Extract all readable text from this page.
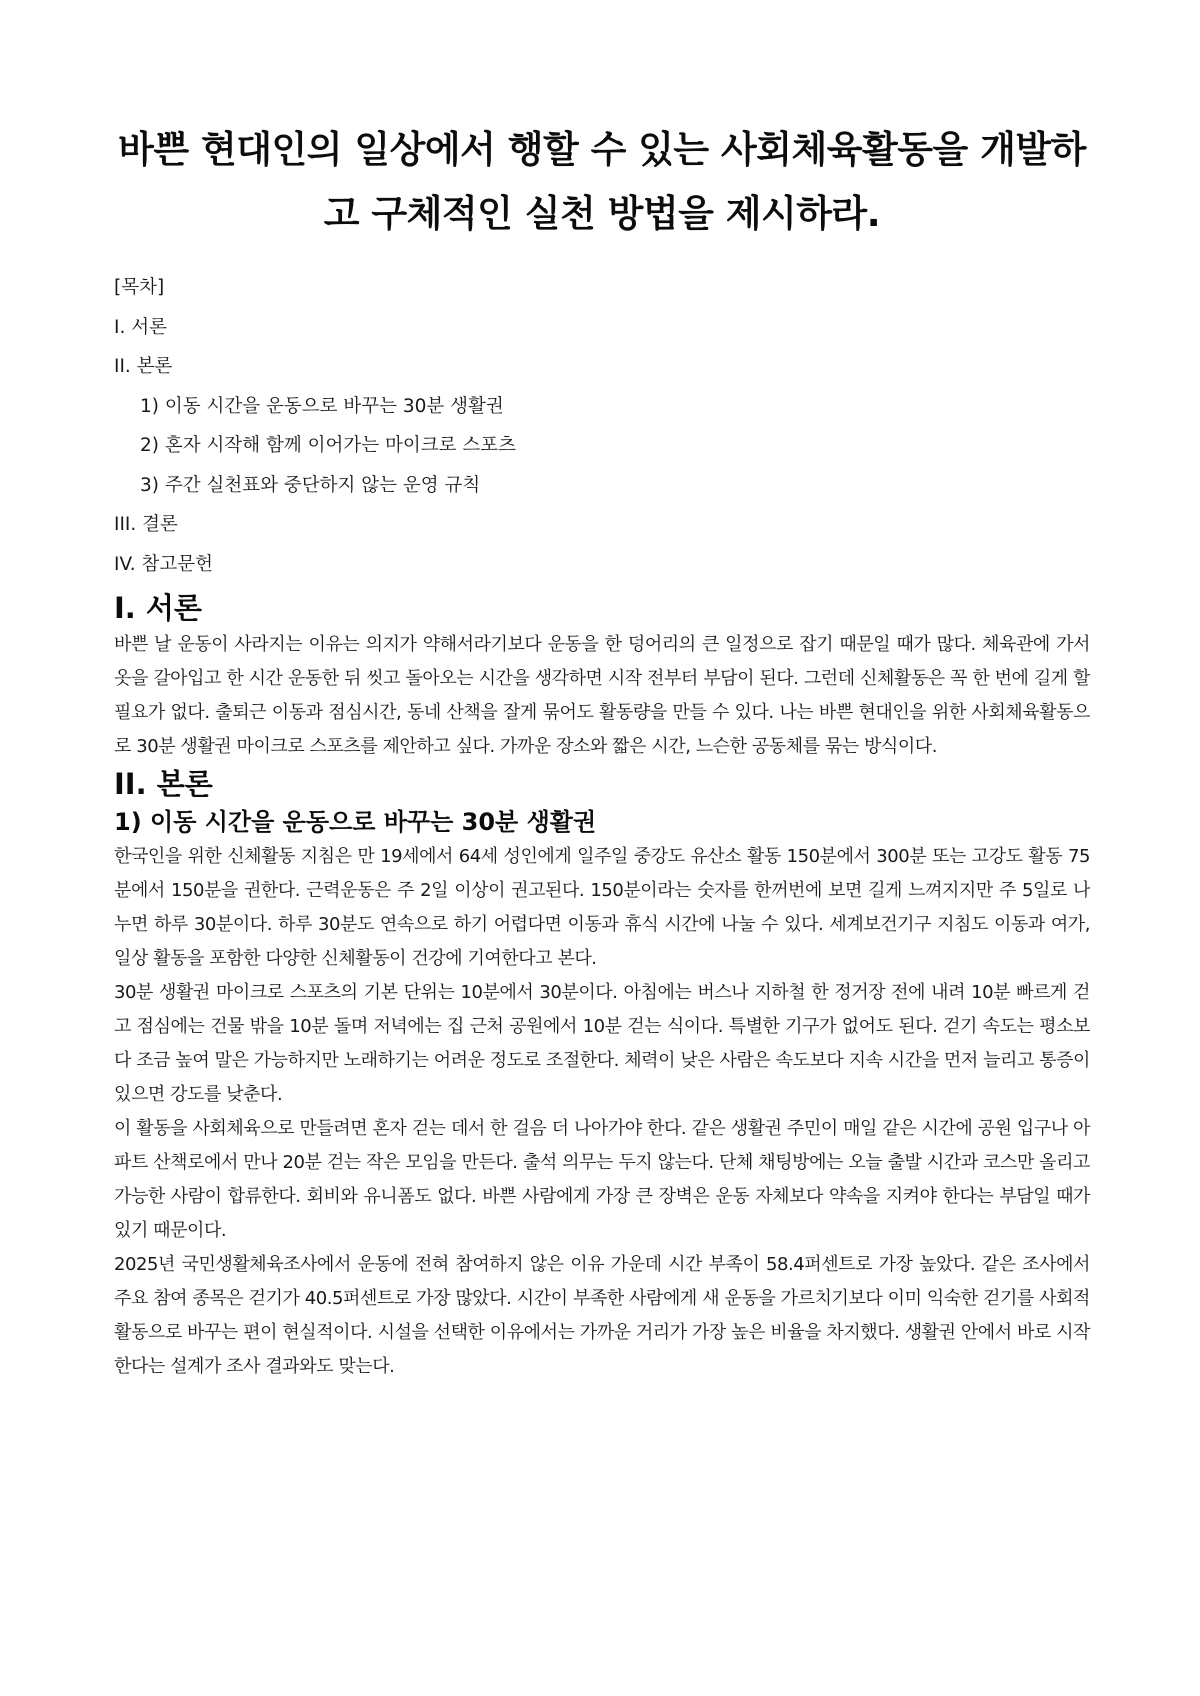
바쁜 현대인의 일상에서 행할 수 있는 사회체육활동을 개발하고 구체적인 실천 방법을 제시하라.
[목차]
I. 서론
II. 본론
1) 이동 시간을 운동으로 바꾸는 30분 생활권
2) 혼자 시작해 함께 이어가는 마이크로 스포츠
3) 주간 실천표와 중단하지 않는 운영 규칙
III. 결론
IV. 참고문헌
I. 서론

바쁜 날 운동이 사라지는 이유는 의지가 약해서라기보다 운동을 한 덩어리의 큰 일정으로 잡기 때문일 때가 많다. 체육관에 가서 옷을 갈아입고 한 시간 운동한 뒤 씻고 돌아오는 시간을 생각하면 시작 전부터 부담이 된다. 그런데 신체활동은 꼭 한 번에 길게 할 필요가 없다. 출퇴근 이동과 점심시간, 동네 산책을 잘게 묶어도 활동량을 만들 수 있다. 나는 바쁜 현대인을 위한 사회체육활동으로 30분 생활권 마이크로 스포츠를 제안하고 싶다. 가까운 장소와 짧은 시간, 느슨한 공동체를 묶는 방식이다.

II. 본론
1) 이동 시간을 운동으로 바꾸는 30분 생활권

한국인을 위한 신체활동 지침은 만 19세에서 64세 성인에게 일주일 중강도 유산소 활동 150분에서 300분 또는 고강도 활동 75분에서 150분을 권한다. 근력운동은 주 2일 이상이 권고된다. 150분이라는 숫자를 한꺼번에 보면 길게 느껴지지만 주 5일로 나누면 하루 30분이다. 하루 30분도 연속으로 하기 어렵다면 이동과 휴식 시간에 나눌 수 있다. 세계보건기구 지침도 이동과 여가, 일상 활동을 포함한 다양한 신체활동이 건강에 기여한다고 본다.

30분 생활권 마이크로 스포츠의 기본 단위는 10분에서 30분이다. 아침에는 버스나 지하철 한 정거장 전에 내려 10분 빠르게 걷고 점심에는 건물 밖을 10분 돌며 저녁에는 집 근처 공원에서 10분 걷는 식이다. 특별한 기구가 없어도 된다. 걷기 속도는 평소보다 조금 높여 말은 가능하지만 노래하기는 어려운 정도로 조절한다. 체력이 낮은 사람은 속도보다 지속 시간을 먼저 늘리고 통증이 있으면 강도를 낮춘다.

이 활동을 사회체육으로 만들려면 혼자 걷는 데서 한 걸음 더 나아가야 한다. 같은 생활권 주민이 매일 같은 시간에 공원 입구나 아파트 산책로에서 만나 20분 걷는 작은 모임을 만든다. 출석 의무는 두지 않는다. 단체 채팅방에는 오늘 출발 시간과 코스만 올리고 가능한 사람이 합류한다. 회비와 유니폼도 없다. 바쁜 사람에게 가장 큰 장벽은 운동 자체보다 약속을 지켜야 한다는 부담일 때가 있기 때문이다.

2025년 국민생활체육조사에서 운동에 전혀 참여하지 않은 이유 가운데 시간 부족이 58.4퍼센트로 가장 높았다. 같은 조사에서 주요 참여 종목은 걷기가 40.5퍼센트로 가장 많았다. 시간이 부족한 사람에게 새 운동을 가르치기보다 이미 익숙한 걷기를 사회적 활동으로 바꾸는 편이 현실적이다. 시설을 선택한 이유에서는 가까운 거리가 가장 높은 비율을 차지했다. 생활권 안에서 바로 시작한다는 설계가 조사 결과와도 맞는다.
